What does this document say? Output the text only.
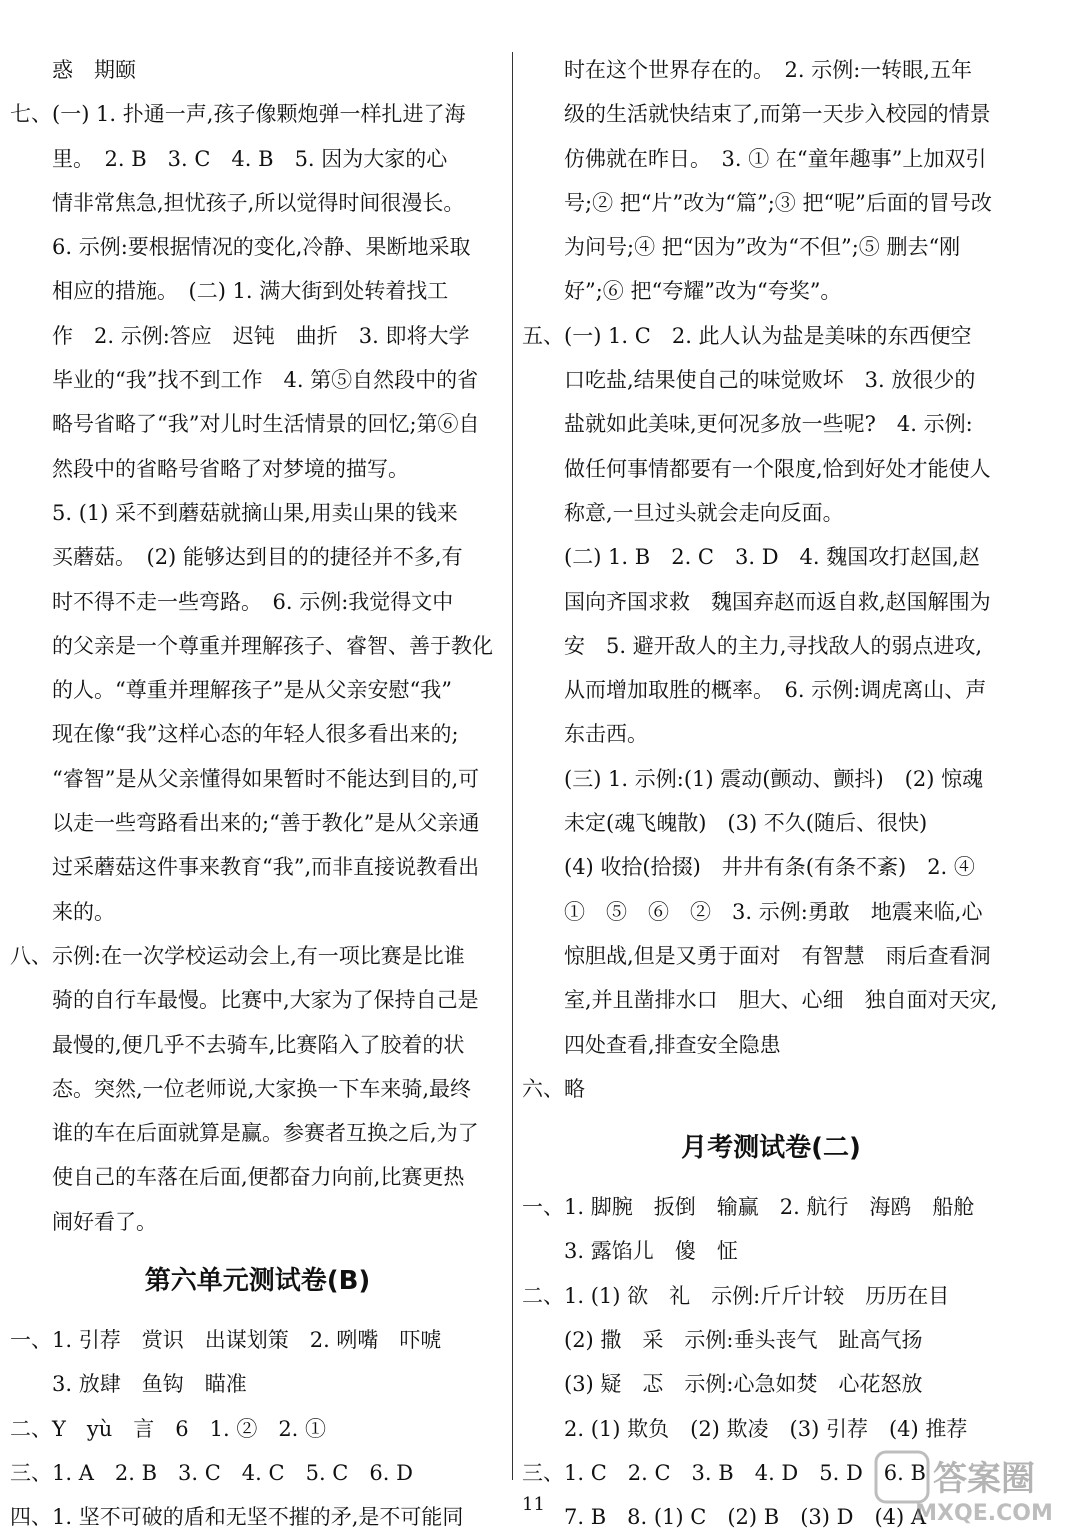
惑　期颐
七、(一) 1. 扑通一声,孩子像颗炮弹一样扎进了海
里。　2. B　3. C　4. B　5. 因为大家的心
情非常焦急,担忧孩子,所以觉得时间很漫长。
6. 示例:要根据情况的变化,冷静、果断地采取
相应的措施。　(二) 1. 满大街到处转着找工
作　2. 示例:答应　迟钝　曲折　3. 即将大学
毕业的“我”找不到工作　4. 第⑤自然段中的省
略号省略了“我”对儿时生活情景的回忆;第⑥自
然段中的省略号省略了对梦境的描写。
5. (1) 采不到蘑菇就摘山果,用卖山果的钱来
买蘑菇。　(2) 能够达到目的的捷径并不多,有
时不得不走一些弯路。　6. 示例:我觉得文中
的父亲是一个尊重并理解孩子、睿智、善于教化
的人。“尊重并理解孩子”是从父亲安慰“我”
现在像“我”这样心态的年轻人很多看出来的;
“睿智”是从父亲懂得如果暂时不能达到目的,可
以走一些弯路看出来的;“善于教化”是从父亲通
过采蘑菇这件事来教育“我”,而非直接说教看出
来的。
八、示例:在一次学校运动会上,有一项比赛是比谁
骑的自行车最慢。比赛中,大家为了保持自己是
最慢的,便几乎不去骑车,比赛陷入了胶着的状
态。突然,一位老师说,大家换一下车来骑,最终
谁的车在后面就算是赢。参赛者互换之后,为了
使自己的车落在后面,便都奋力向前,比赛更热
闹好看了。
第六单元测试卷(B)
一、1. 引荐　赏识　出谋划策　2. 咧嘴　吓唬
3. 放肆　鱼钩　瞄准
二、Y　yù　言　6　1. ②　2. ①
三、1. A　2. B　3. C　4. C　5. C　6. D
四、1. 坚不可破的盾和无坚不摧的矛,是不可能同
时在这个世界存在的。　2. 示例:一转眼,五年
级的生活就快结束了,而第一天步入校园的情景
仿佛就在昨日。　3. ① 在“童年趣事”上加双引
号;② 把“片”改为“篇”;③ 把“呢”后面的冒号改
为问号;④ 把“因为”改为“不但”;⑤ 删去“刚
好”;⑥ 把“夸耀”改为“夸奖”。
五、(一) 1. C　2. 此人认为盐是美味的东西便空
口吃盐,结果使自己的味觉败坏　3. 放很少的
盐就如此美味,更何况多放一些呢?　4. 示例:
做任何事情都要有一个限度,恰到好处才能使人
称意,一旦过头就会走向反面。
(二) 1. B　2. C　3. D　4. 魏国攻打赵国,赵
国向齐国求救　魏国弃赵而返自救,赵国解围为
安　5. 避开敌人的主力,寻找敌人的弱点进攻,
从而增加取胜的概率。　6. 示例:调虎离山、声
东击西。
(三) 1. 示例:(1) 震动(颤动、颤抖)　(2) 惊魂
未定(魂飞魄散)　(3) 不久(随后、很快)
(4) 收拾(拾掇)　井井有条(有条不紊)　2. ④
①　⑤　⑥　②　3. 示例:勇敢　地震来临,心
惊胆战,但是又勇于面对　有智慧　雨后查看洞
室,并且凿排水口　胆大、心细　独自面对天灾,
四处查看,排查安全隐患
六、略
月考测试卷(二)
一、1. 脚腕　扳倒　输赢　2. 航行　海鸥　船舱
3. 露馅儿　傻　怔
二、1. (1) 欲　礼　示例:斤斤计较　历历在目
(2) 撒　采　示例:垂头丧气　趾高气扬
(3) 疑　忑　示例:心急如焚　心花怒放
2. (1) 欺负　(2) 欺凌　(3) 引荐　(4) 推荐
三、1. C　2. C　3. B　4. D　5. D　6. B
7. B　8. (1) C　(2) B　(3) D　(4) A
11
答案圈
MXQE.COM
